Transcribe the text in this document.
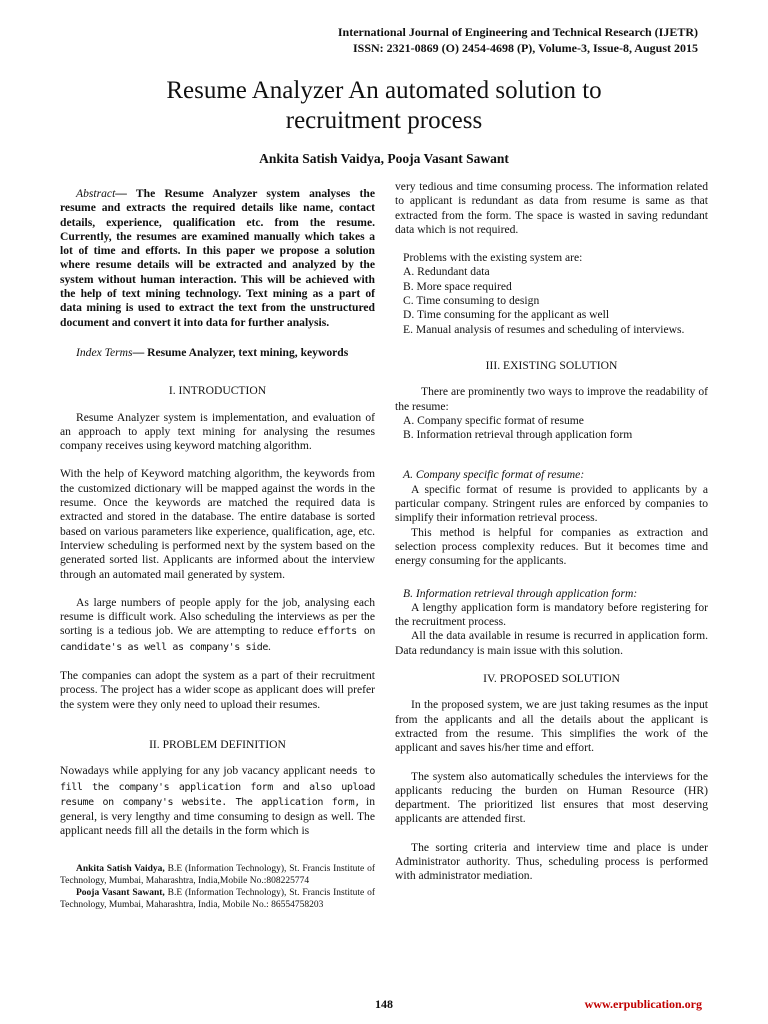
International Journal of Engineering and Technical Research (IJETR)
ISSN: 2321-0869 (O) 2454-4698 (P), Volume-3, Issue-8, August 2015
Resume Analyzer An automated solution to
recruitment process
Ankita Satish Vaidya, Pooja Vasant Sawant

Abstract— The Resume Analyzer system analyses the resume and extracts the required details like name, contact details, experience, qualification etc. from the resume. Currently, the resumes are examined manually which takes a lot of time and efforts. In this paper we propose a solution where resume details will be extracted and analyzed by the system without human interaction. This will be achieved with the help of text mining technology. Text mining as a part of data mining is used to extract the text from the unstructured document and convert it into data for further analysis.

Index Terms— Resume Analyzer, text mining, keywords

I. INTRODUCTION

Resume Analyzer system is implementation, and evaluation of an approach to apply text mining for analysing the resumes company receives using keyword matching algorithm.

With the help of Keyword matching algorithm, the keywords from the customized dictionary will be mapped against the words in the resume. Once the keywords are matched the required data is extracted and stored in the database. The entire database is sorted based on various parameters like experience, qualification, age, etc. Interview scheduling is performed next by the system based on the generated sorted list. Applicants are informed about the interview through an automated mail generated by system.

As large numbers of people apply for the job, analysing each resume is difficult work. Also scheduling the interviews as per the sorting is a tedious job. We are attempting to reduce efforts on candidate's as well as company's side.

The companies can adopt the system as a part of their recruitment process. The project has a wider scope as applicant does will prefer the system were they only need to upload their resumes.

II. PROBLEM DEFINITION

Nowadays while applying for any job vacancy applicant needs to fill the company's application form and also upload resume on company's website. The application form, in general, is very lengthy and time consuming to design as well. The applicant needs fill all the details in the form which is

Ankita Satish Vaidya, B.E (Information Technology), St. Francis Institute of Technology, Mumbai, Maharashtra, India,Mobile No.:808225774

Pooja Vasant Sawant, B.E (Information Technology), St. Francis Institute of Technology, Mumbai, Maharashtra, India, Mobile No.: 86554758203

very tedious and time consuming process. The information related to applicant is redundant as data from resume is same as that extracted from the form. The space is wasted in saving redundant data which is not required.

Problems with the existing system are:

A. Redundant data

B. More space required

C. Time consuming to design

D. Time consuming for the applicant as well

E. Manual analysis of resumes and scheduling of interviews.

III. EXISTING SOLUTION

There are prominently two ways to improve the readability of the resume:

A. Company specific format of resume

B. Information retrieval through application form

A. Company specific format of resume:

A specific format of resume is provided to applicants by a particular company. Stringent rules are enforced by companies to simplify their information retrieval process.

This method is helpful for companies as extraction and selection process complexity reduces. But it becomes time and energy consuming for the applicants.

B. Information retrieval through application form:

A lengthy application form is mandatory before registering for the recruitment process.

All the data available in resume is recurred in application form. Data redundancy is main issue with this solution.

IV. PROPOSED SOLUTION

In the proposed system, we are just taking resumes as the input from the applicants and all the details about the applicant is extracted from the resume. This simplifies the work of the applicant and saves his/her time and effort.

The system also automatically schedules the interviews for the applicants reducing the burden on Human Resource (HR) department. The prioritized list ensures that most deserving applicants are attended first.

The sorting criteria and interview time and place is under Administrator authority. Thus, scheduling process is performed with administrator mediation.

148	www.erpublication.org
